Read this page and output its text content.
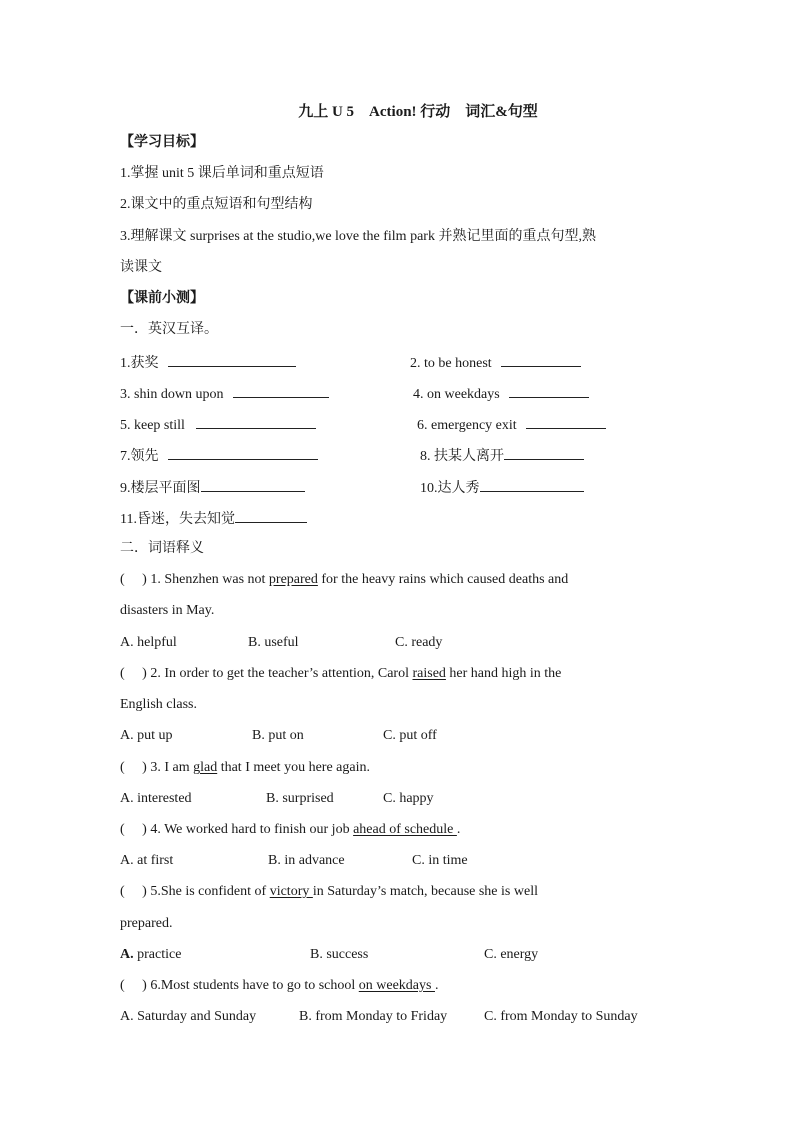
九上 U 5　Action! 行动　词汇&句型
【学习目标】
1.掌握 unit 5 课后单词和重点短语
2.课文中的重点短语和句型结构
3.理解课文 surprises at the studio,we love the film park 并熟记里面的重点句型,熟
读课文
【课前小测】
一．英汉互译。
1.获奖	2. to be honest
3. shin down upon	4. on weekdays
5. keep still	6. emergency exit
7.领先	8. 扶某人离开
9.楼层平面图	10.达人秀
11.昏迷，失去知觉
二．词语释义
(　 ) 1. Shenzhen was not prepared for the heavy rains which caused deaths and
disasters in May.
A. helpful	B. useful	C. ready
(　 ) 2. In order to get the teacher’s attention, Carol raised her hand high in the
English class.
A. put up	B. put on	C. put off
(　 ) 3. I am glad that I meet you here again.
A. interested	B. surprised	C. happy
(　 ) 4. We worked hard to finish our job ahead of schedule .
A. at first	B. in advance	C. in time
(　 ) 5.She is confident of victory in Saturday’s match, because she is well
prepared.
A. practice	B. success	C. energy
(　 ) 6.Most students have to go to school on weekdays .
A. Saturday and Sunday	B. from Monday to Friday	C. from Monday to Sunday
